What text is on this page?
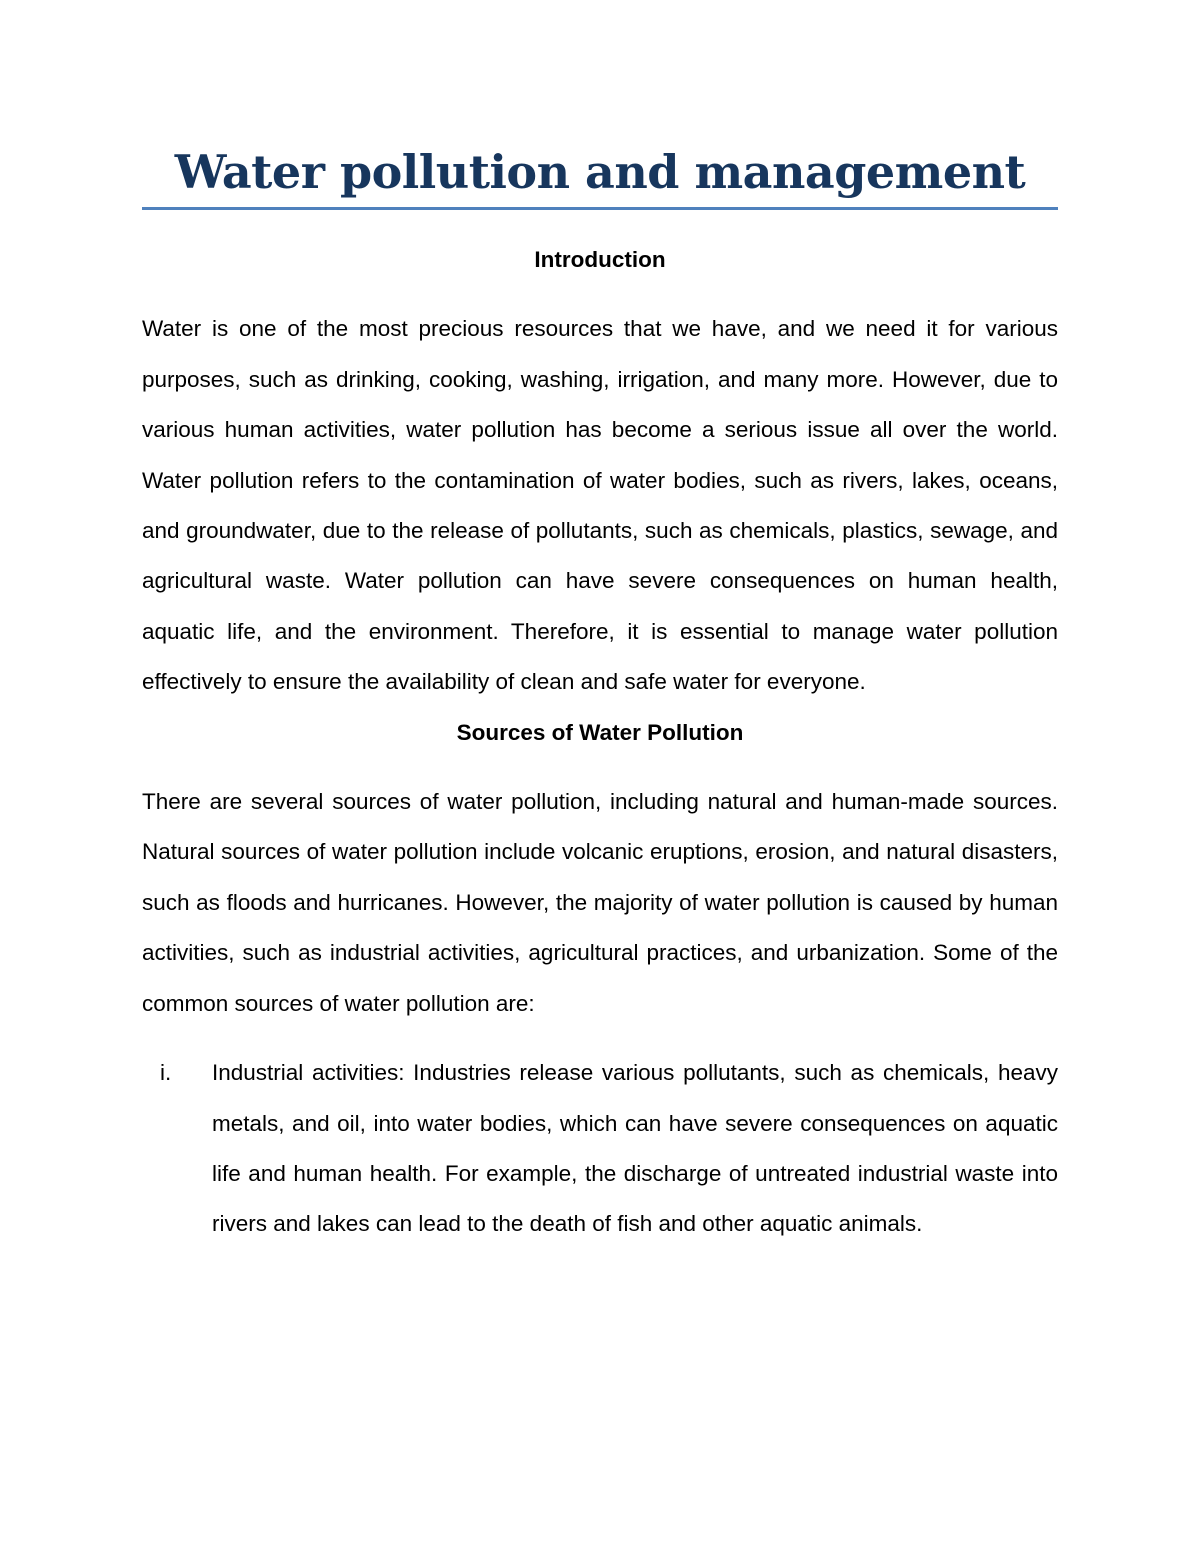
Water pollution and management
Introduction

Water is one of the most precious resources that we have, and we need it for various purposes, such as drinking, cooking, washing, irrigation, and many more. However, due to various human activities, water pollution has become a serious issue all over the world. Water pollution refers to the contamination of water bodies, such as rivers, lakes, oceans, and groundwater, due to the release of pollutants, such as chemicals, plastics, sewage, and agricultural waste. Water pollution can have severe consequences on human health, aquatic life, and the environment. Therefore, it is essential to manage water pollution effectively to ensure the availability of clean and safe water for everyone.

Sources of Water Pollution

There are several sources of water pollution, including natural and human-made sources. Natural sources of water pollution include volcanic eruptions, erosion, and natural disasters, such as floods and hurricanes. However, the majority of water pollution is caused by human activities, such as industrial activities, agricultural practices, and urbanization. Some of the common sources of water pollution are:

i. Industrial activities: Industries release various pollutants, such as chemicals, heavy metals, and oil, into water bodies, which can have severe consequences on aquatic life and human health. For example, the discharge of untreated industrial waste into rivers and lakes can lead to the death of fish and other aquatic animals.
